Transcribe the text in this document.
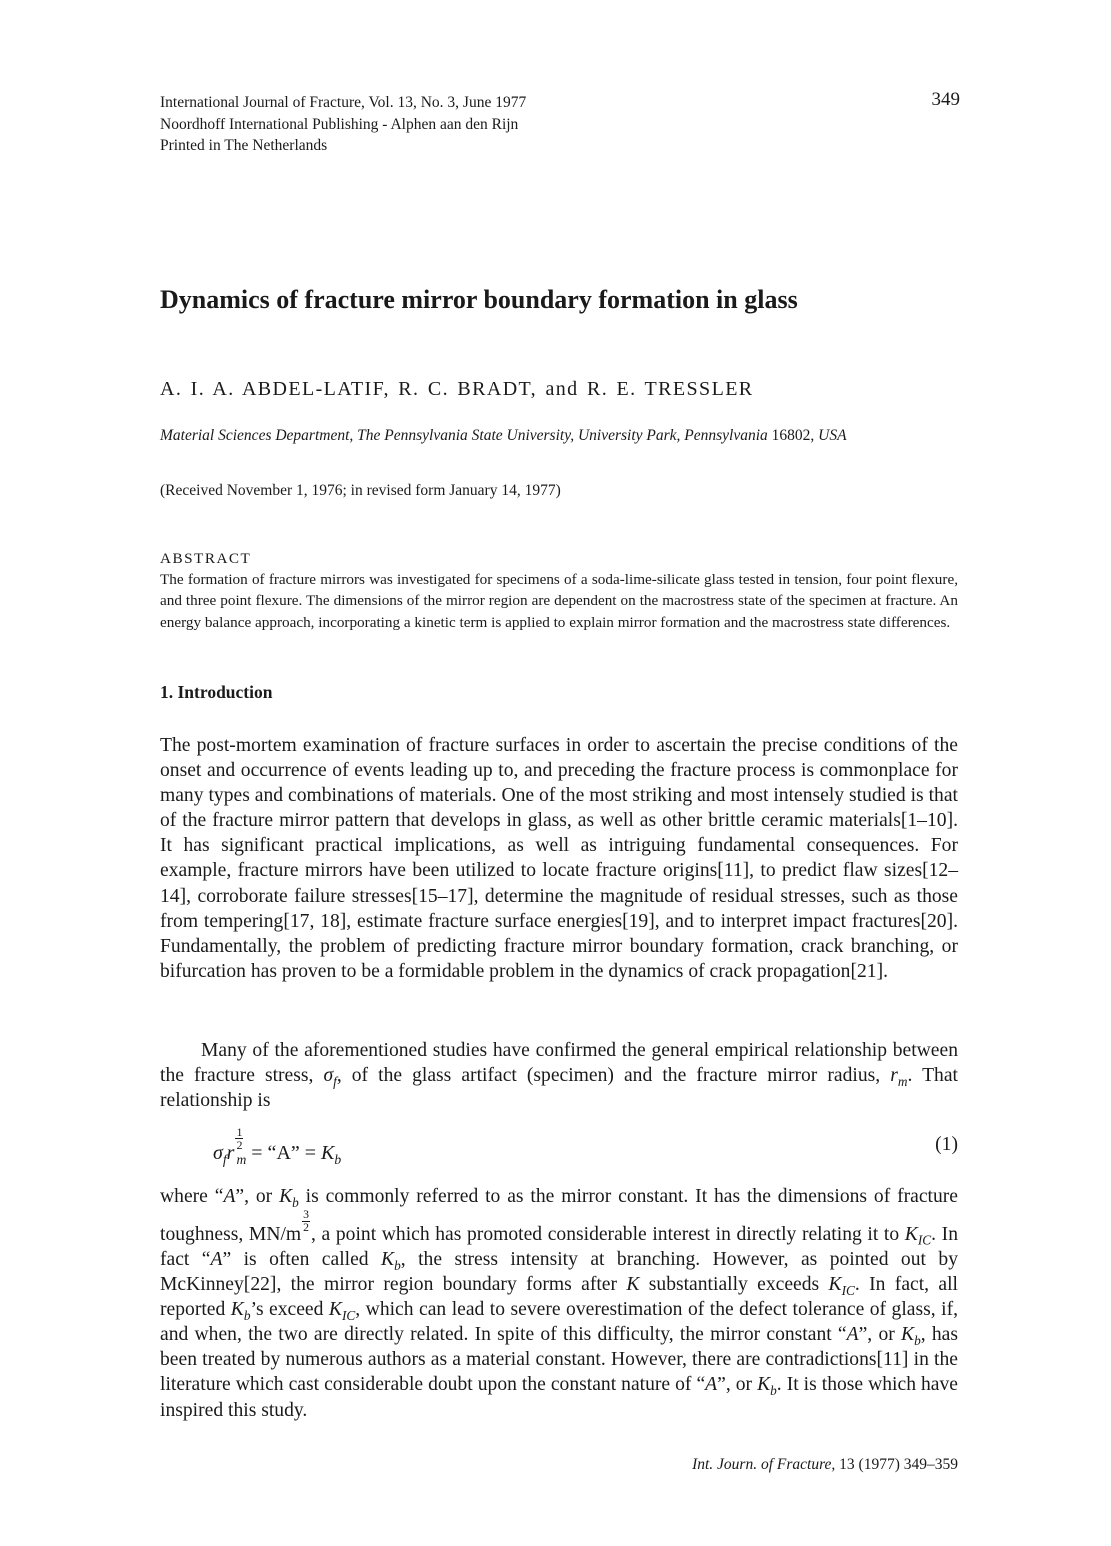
International Journal of Fracture, Vol. 13, No. 3, June 1977
Noordhoff International Publishing - Alphen aan den Rijn
Printed in The Netherlands
349
Dynamics of fracture mirror boundary formation in glass
A. I. A. ABDEL-LATIF, R. C. BRADT, and R. E. TRESSLER
Material Sciences Department, The Pennsylvania State University, University Park, Pennsylvania 16802, USA
(Received November 1, 1976; in revised form January 14, 1977)
ABSTRACT

The formation of fracture mirrors was investigated for specimens of a soda-lime-silicate glass tested in tension, four point flexure, and three point flexure. The dimensions of the mirror region are dependent on the macrostress state of the specimen at fracture. An energy balance approach, incorporating a kinetic term is applied to explain mirror formation and the macrostress state differences.

1. Introduction

The post-mortem examination of fracture surfaces in order to ascertain the precise conditions of the onset and occurrence of events leading up to, and preceding the fracture process is commonplace for many types and combinations of materials. One of the most striking and most intensely studied is that of the fracture mirror pattern that develops in glass, as well as other brittle ceramic materials[1–10]. It has significant practical implications, as well as intriguing fundamental consequences. For example, fracture mirrors have been utilized to locate fracture origins[11], to predict flaw sizes[12–14], corroborate failure stresses[15–17], determine the magnitude of residual stresses, such as those from tempering[17, 18], estimate fracture surface energies[19], and to interpret impact fractures[20]. Fundamentally, the problem of predicting fracture mirror boundary formation, crack branching, or bifurcation has proven to be a formidable problem in the dynamics of crack propagation[21].

Many of the aforementioned studies have confirmed the general empirical relationship between the fracture stress, $\sigma_f$, of the glass artifact (specimen) and the fracture mirror radius, $r_m$. That relationship is

$\sigma_fr$
$\frac{1}{2}$
$_m$ = “A” = $K_b$
(1)

where “A”, or $K_b$ is commonly referred to as the mirror constant. It has the dimensions of fracture toughness, MN/m
$\frac{3}{2}$
, a point which has promoted considerable interest in directly relating it to $K_{IC}$. In fact “A” is often called $K_b$, the stress intensity at branching. However, as pointed out by McKinney[22], the mirror region boundary forms after K substantially exceeds $K_{IC}$. In fact, all reported $K_b’s$ exceed $K_{IC}$, which can lead to severe overestimation of the defect tolerance of glass, if, and when, the two are directly related. In spite of this difficulty, the mirror constant “A”, or $K_b$, has been treated by numerous authors as a material constant. However, there are contradictions[11] in the literature which cast considerable doubt upon the constant nature of “A”, or $K_b$. It is those which have inspired this study.

Int. Journ. of Fracture, 13 (1977) 349–359
